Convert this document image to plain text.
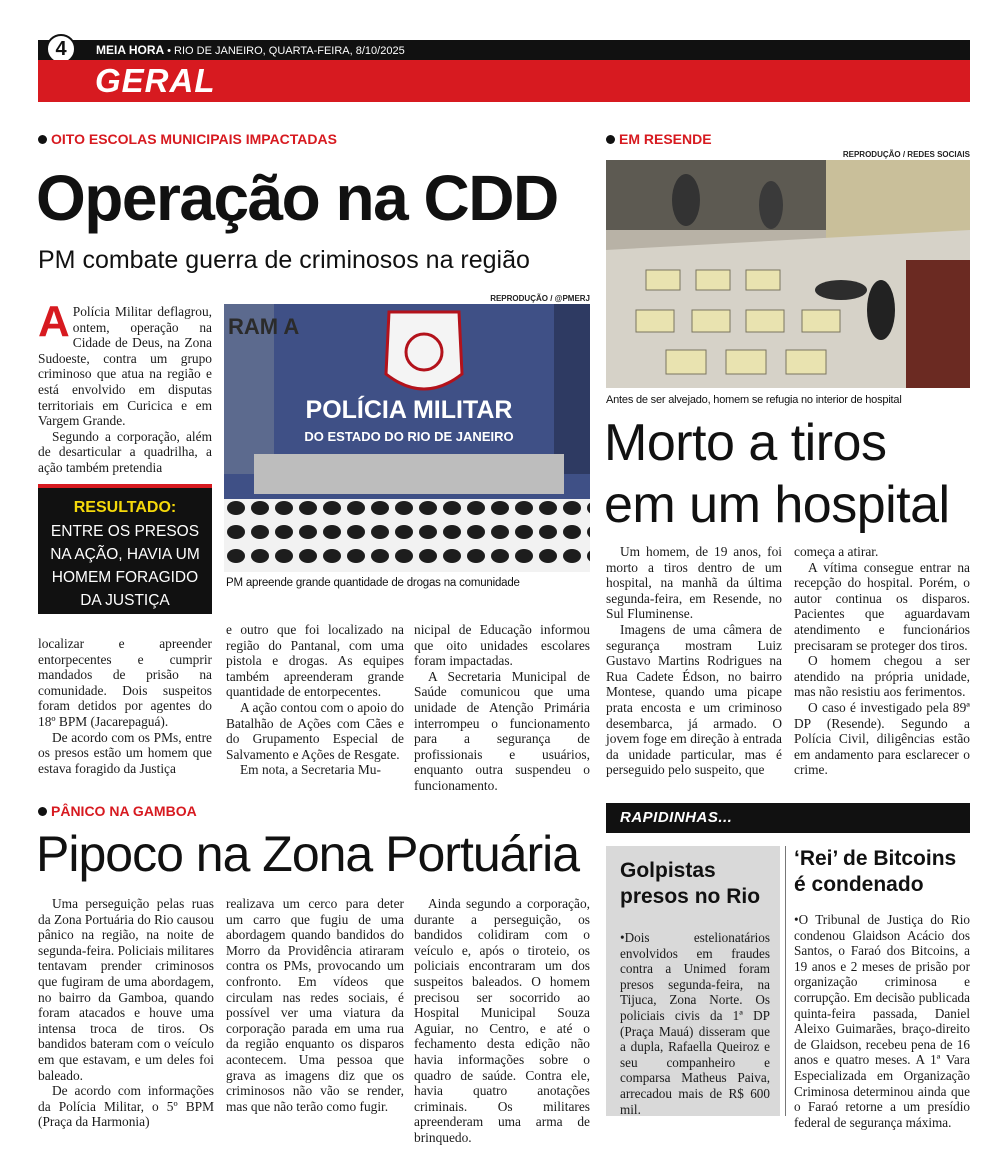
MEIA HORA • RIO DE JANEIRO, QUARTA-FEIRA, 8/10/2025
4
GERAL
OITO ESCOLAS MUNICIPAIS IMPACTADAS
Operação na CDD
PM combate guerra de criminosos na região

A Polícia Militar deflagrou, ontem, operação na Cidade de Deus, na Zona Sudoeste, contra um grupo criminoso que atua na região e está envolvido em disputas territoriais em Curicica e em Vargem Grande.

Segundo a corporação, além de desarticular a quadrilha, a ação também pretendia

RESULTADO:
ENTRE OS PRESOS NA AÇÃO, HAVIA UM HOMEM FORAGIDO DA JUSTIÇA

localizar e apreender entorpecentes e cumprir mandados de prisão na comunidade. Dois suspeitos foram detidos por agentes do 18º BPM (Jacarepaguá).

De acordo com os PMs, entre os presos estão um homem que estava foragido da Justiça

REPRODUÇÃO / @PMERJ
RAM A
POLÍCIA MILITAR
DO ESTADO DO RIO DE JANEIRO
PM apreende grande quantidade de drogas na comunidade

e outro que foi localizado na região do Pantanal, com uma pistola e drogas. As equipes também apreenderam grande quantidade de entorpecentes.

A ação contou com o apoio do Batalhão de Ações com Cães e do Grupamento Especial de Salvamento e Ações de Resgate.

Em nota, a Secretaria Mu-

nicipal de Educação informou que oito unidades escolares foram impactadas.

A Secretaria Municipal de Saúde comunicou que uma unidade de Atenção Primária interrompeu o funcionamento para a segurança de profissionais e usuários, enquanto outra suspendeu o funcionamento.

EM RESENDE
REPRODUÇÃO / REDES SOCIAIS
Antes de ser alvejado, homem se refugia no interior de hospital
Morto a tiros
em um hospital

Um homem, de 19 anos, foi morto a tiros dentro de um hospital, na manhã da última segunda-feira, em Resende, no Sul Fluminense.

Imagens de uma câmera de segurança mostram Luiz Gustavo Martins Rodrigues na Rua Cadete Édson, no bairro Montese, quando uma picape prata encosta e um criminoso desembarca, já armado. O jovem foge em direção à entrada da unidade particular, mas é perseguido pelo suspeito, que

começa a atirar.

A vítima consegue entrar na recepção do hospital. Porém, o autor continua os disparos. Pacientes que aguardavam atendimento e funcionários precisaram se proteger dos tiros.

O homem chegou a ser atendido na própria unidade, mas não resistiu aos ferimentos.

O caso é investigado pela 89ª DP (Resende). Segundo a Polícia Civil, diligências estão em andamento para esclarecer o crime.

PÂNICO NA GAMBOA
Pipoco na Zona Portuária

Uma perseguição pelas ruas da Zona Portuária do Rio causou pânico na região, na noite de segunda-feira. Policiais militares tentavam prender criminosos que fugiram de uma abordagem, no bairro da Gamboa, quando foram atacados e houve uma intensa troca de tiros. Os bandidos bateram com o veículo em que estavam, e um deles foi baleado.

De acordo com informações da Polícia Militar, o 5º BPM (Praça da Harmonia)

realizava um cerco para deter um carro que fugiu de uma abordagem quando bandidos do Morro da Providência atiraram contra os PMs, provocando um confronto. Em vídeos que circulam nas redes sociais, é possível ver uma viatura da corporação parada em uma rua da região enquanto os disparos acontecem. Uma pessoa que grava as imagens diz que os criminosos não vão se render, mas que não terão como fugir.

Ainda segundo a corporação, durante a perseguição, os bandidos colidiram com o veículo e, após o tiroteio, os policiais encontraram um dos suspeitos baleados. O homem precisou ser socorrido ao Hospital Municipal Souza Aguiar, no Centro, e até o fechamento desta edição não havia informações sobre o quadro de saúde. Contra ele, havia quatro anotações criminais. Os militares apreenderam uma arma de brinquedo.

RAPIDINHAS...
Golpistas
presos no Rio
•Dois estelionatários envolvidos em fraudes contra a Unimed foram presos segunda-feira, na Tijuca, Zona Norte. Os policiais civis da 1ª DP (Praça Mauá) disseram que a dupla, Rafaella Queiroz e seu companheiro e comparsa Matheus Paiva, arrecadou mais de R$ 600 mil.
‘Rei’ de Bitcoins
é condenado
•O Tribunal de Justiça do Rio condenou Glaidson Acácio dos Santos, o Faraó dos Bitcoins, a 19 anos e 2 meses de prisão por organização criminosa e corrupção. Em decisão publicada quinta-feira passada, Daniel Aleixo Guimarães, braço-direito de Glaidson, recebeu pena de 16 anos e quatro meses. A 1ª Vara Especializada em Organização Criminosa determinou ainda que o Faraó retorne a um presídio federal de segurança máxima.
